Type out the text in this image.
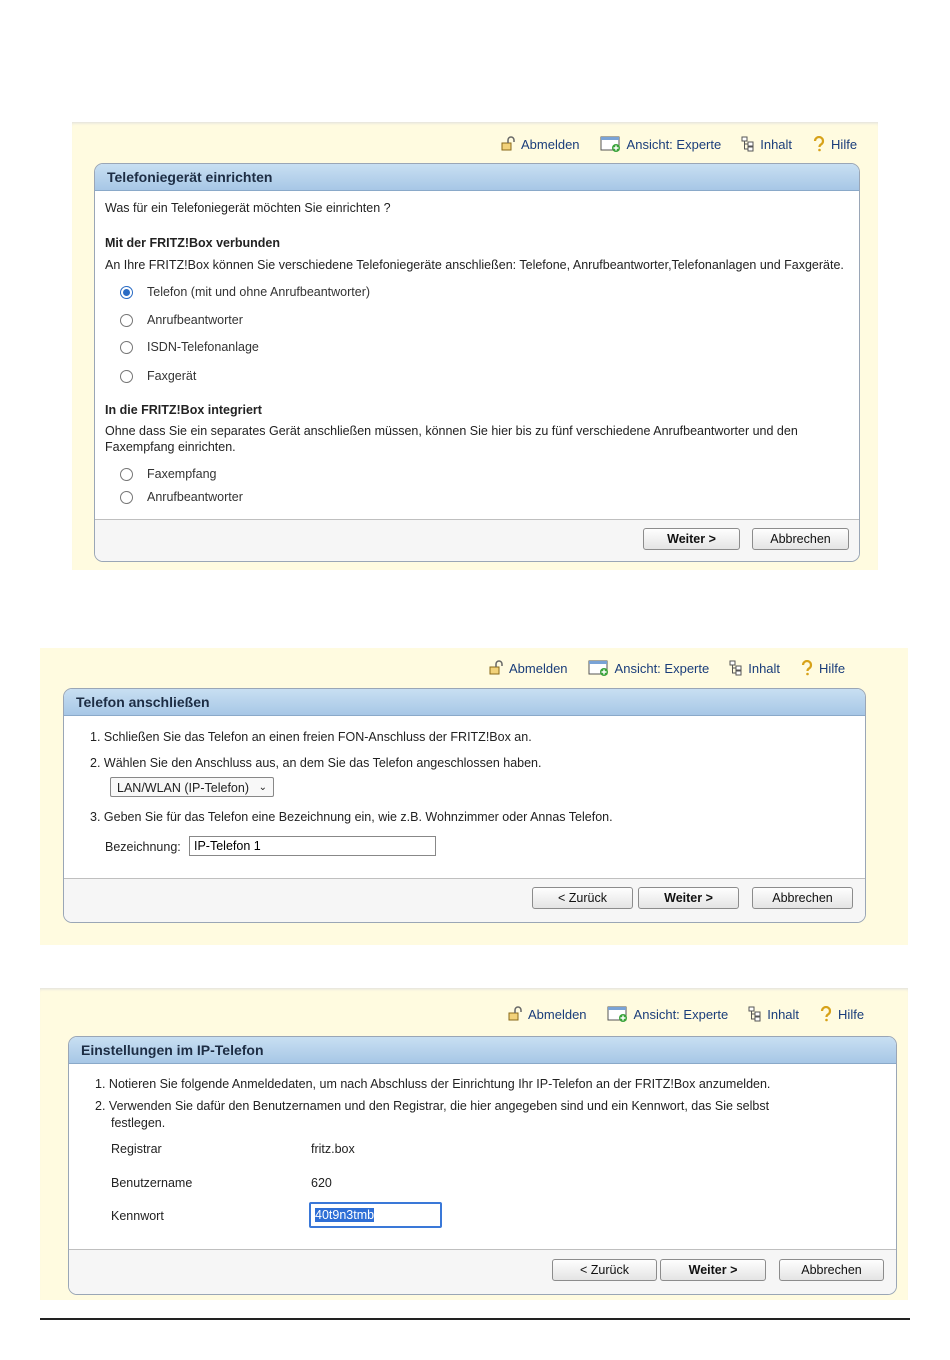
Abmelden	Ansicht:
Experte	Inhalt	Hilfe
Telefoniegerät einrichten
Was für ein Telefoniegerät möchten Sie einrichten ?
Mit der FRITZ!Box verbunden
An Ihre FRITZ!Box können Sie verschiedene Telefoniegeräte anschließen: Telefone, Anrufbeantworter,Telefonanlagen und Faxgeräte.
Telefon (mit und ohne Anrufbeantworter)
Anrufbeantworter
ISDN-Telefonanlage
Faxgerät
In die FRITZ!Box integriert
Ohne dass Sie ein separates Gerät anschließen müssen, können Sie hier bis zu fünf verschiedene Anrufbeantworter und den
Faxempfang einrichten.
Faxempfang
Anrufbeantworter
Weiter >	Abbrechen
Abmelden	Ansicht:
Experte	Inhalt	Hilfe
Telefon anschließen
1. Schließen Sie das Telefon an einen freien FON-Anschluss der FRITZ!Box an.
2. Wählen Sie den Anschluss aus, an dem Sie das Telefon angeschlossen haben.
LAN/WLAN (IP-Telefon) ⌄
3. Geben Sie für das Telefon eine Bezeichnung ein, wie z.B. Wohnzimmer oder Annas Telefon.
Bezeichnung:
IP-Telefon 1
< Zurück	Weiter >	Abbrechen
Abmelden	Ansicht:
Experte	Inhalt	Hilfe
Einstellungen im IP-Telefon
1. Notieren Sie folgende Anmeldedaten, um nach Abschluss der Einrichtung Ihr IP-Telefon an der FRITZ!Box anzumelden.
2. Verwenden Sie dafür den Benutzernamen und den Registrar, die hier angegeben sind und ein Kennwort, das Sie selbst
festlegen.
Registrar	fritz.box
Benutzername	620
Kennwort	40t9n3tmb
< Zurück	Weiter >	Abbrechen
